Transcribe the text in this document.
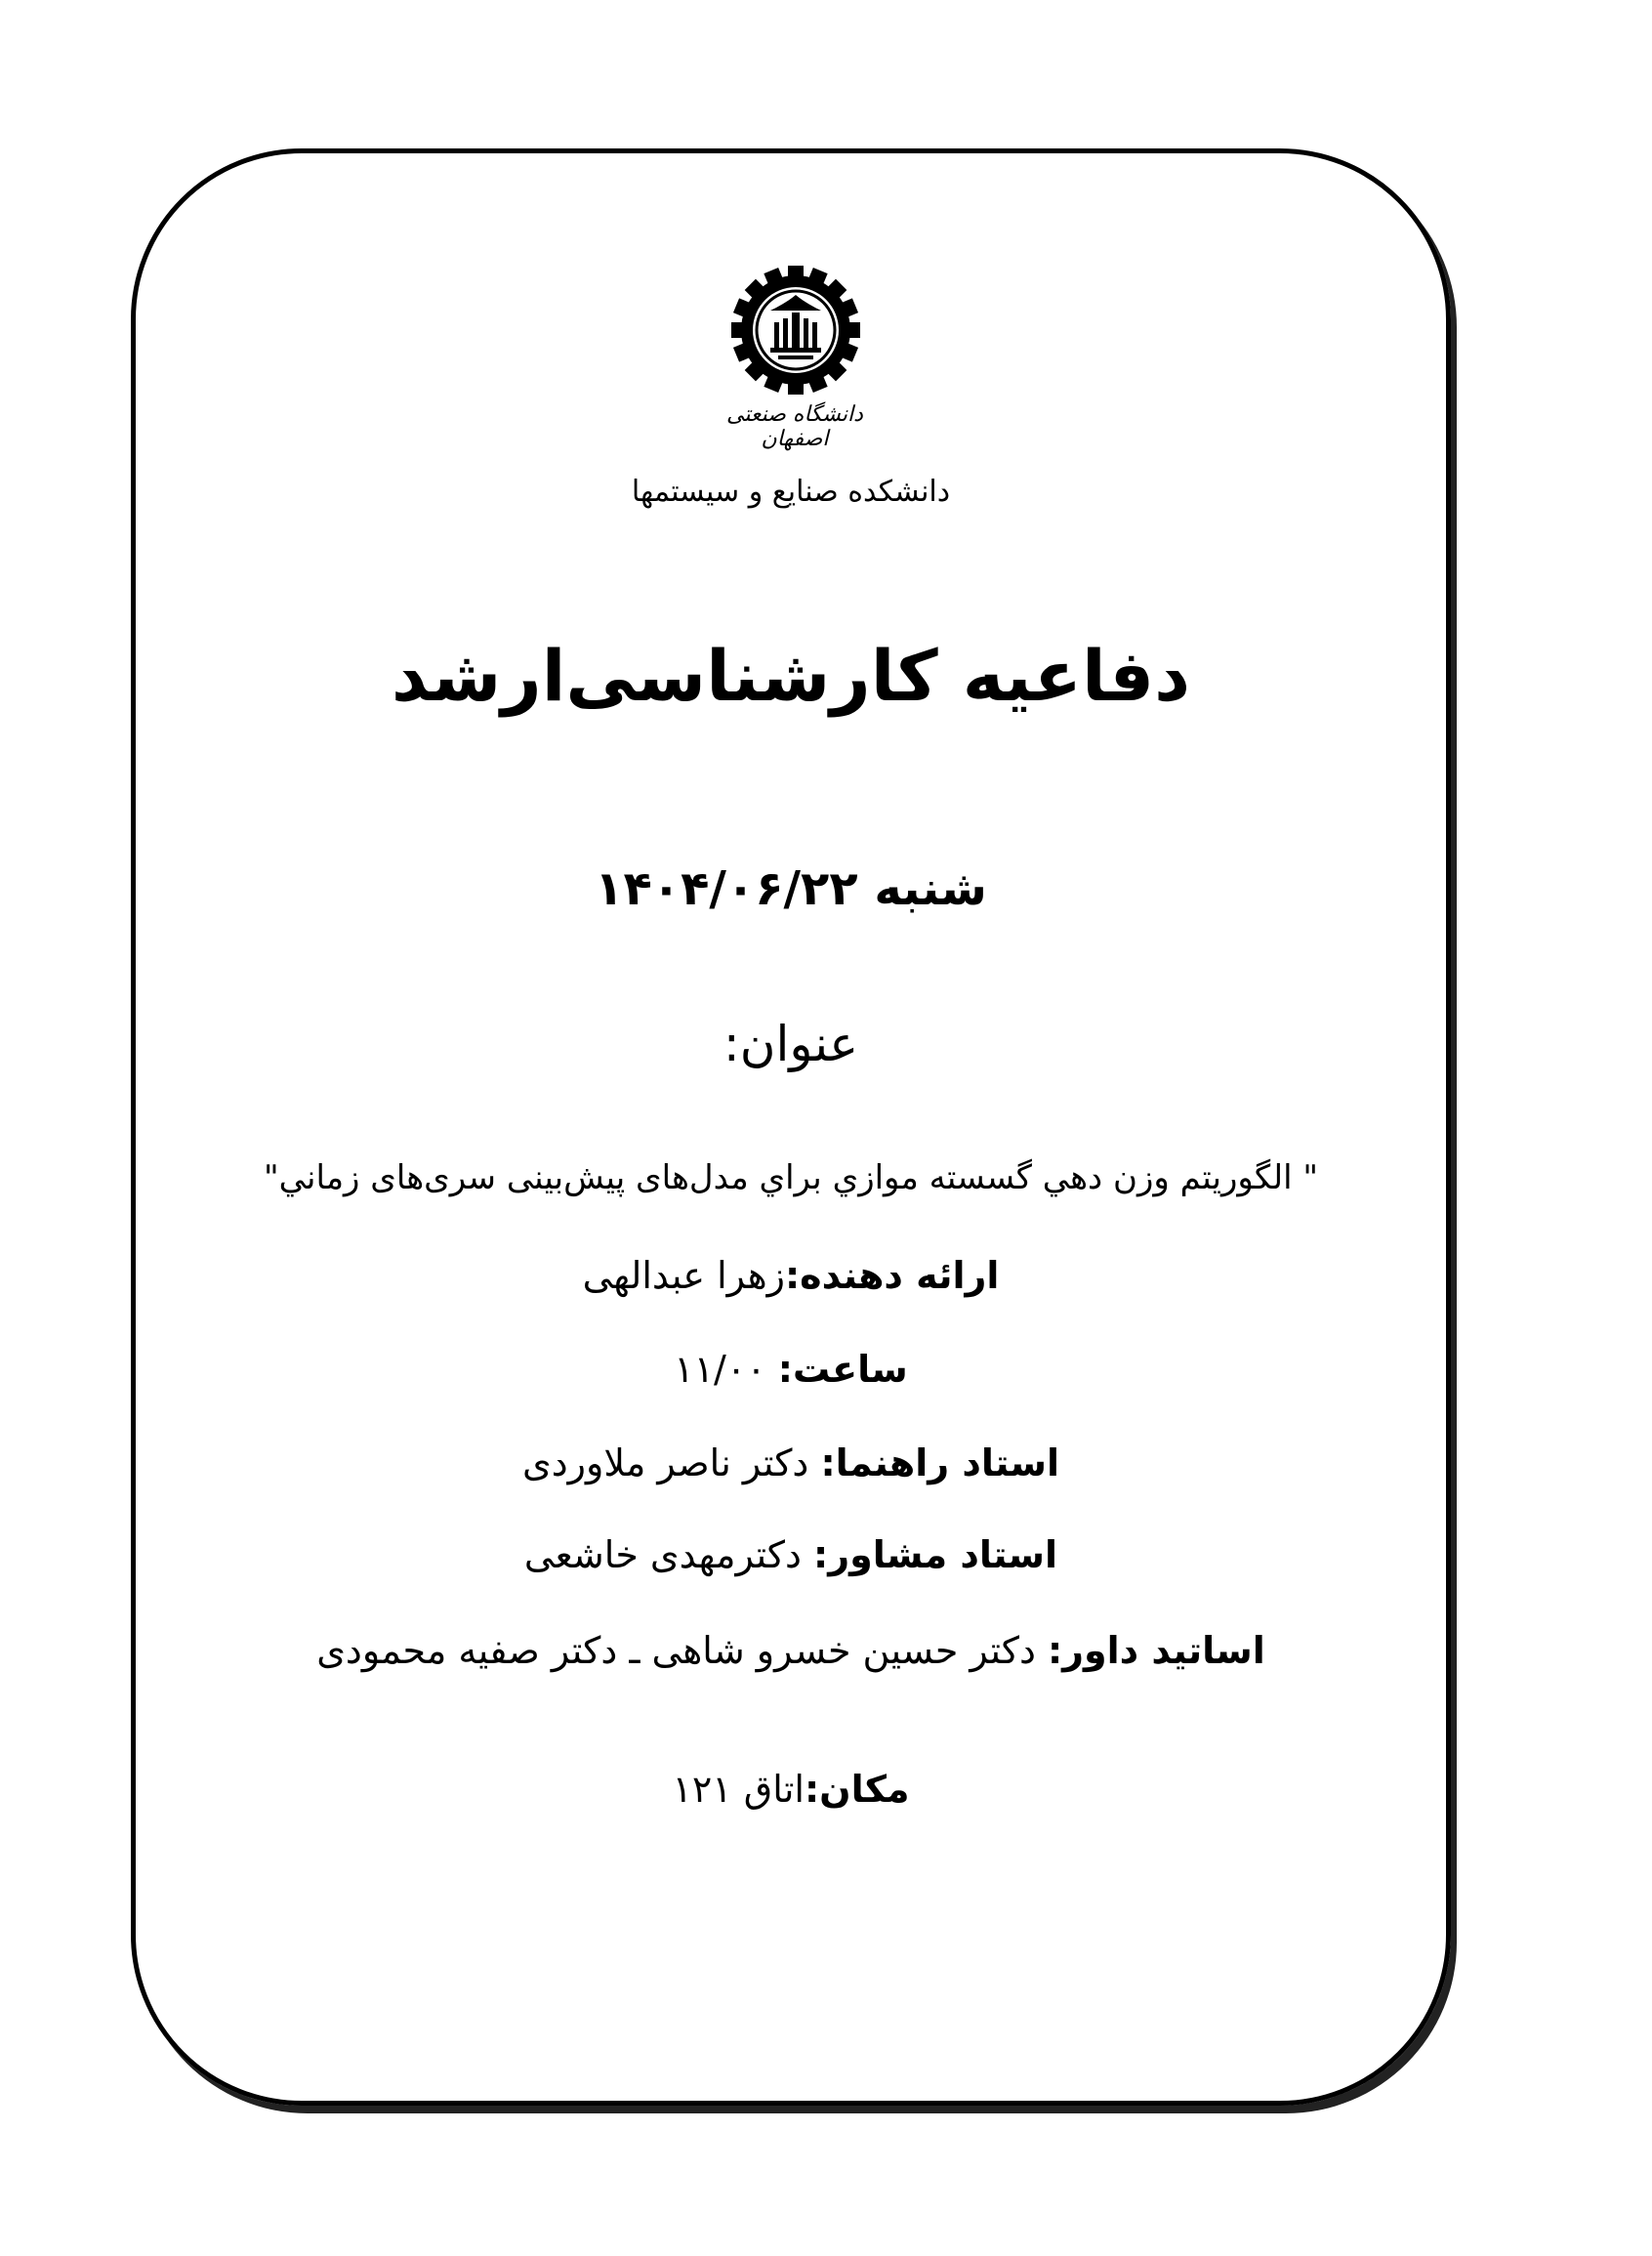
دانشگاه صنعتی اصفهان
دانشکده صنایع و سیستمها
دفاعیه کارشناسی‌ارشد
شنبه ۱۴۰۴/۰۶/۲۲
عنوان:
" الگوریتم وزن دهي گسسته موازي براي مدل‌های پیش‌بینی سری‌های زماني"
ارائه دهنده:زهرا عبدالهی
ساعت: ۱۱/۰۰
استاد راهنما: دکتر ناصر ملاوردی
استاد مشاور: دکترمهدی خاشعی
اساتید داور: دکتر حسین خسرو شاهی ـ دکتر صفیه محمودی
مکان:اتاق ۱۲۱
